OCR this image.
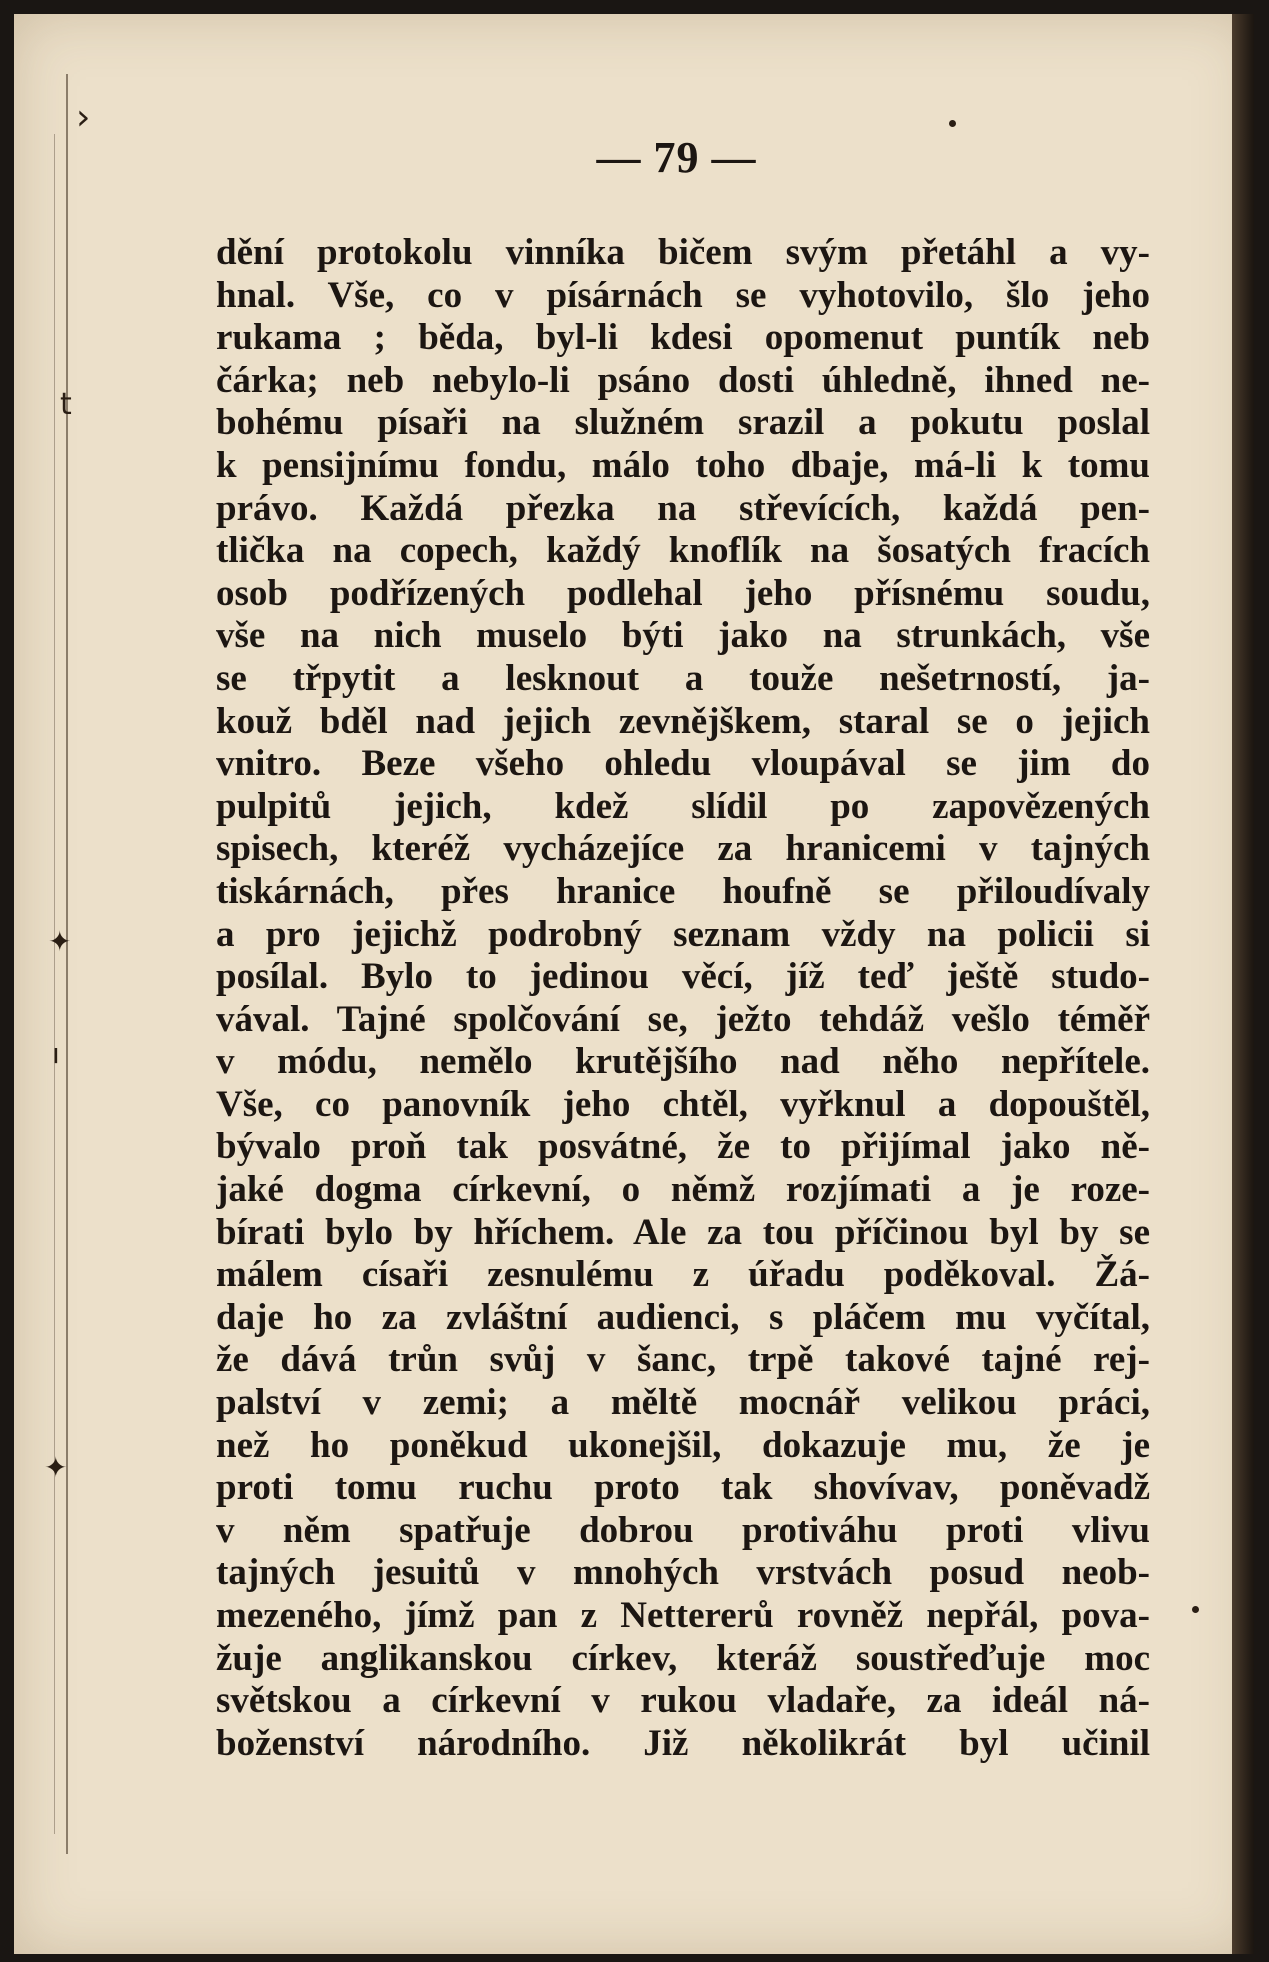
›
t
✦
ı
✦
— 79 —
dění protokolu vinníka bičem svým přetáhl a vy-
hnal. Vše, co v písárnách se vyhotovilo, šlo jeho
rukama ; běda, byl-li kdesi opomenut puntík neb
čárka; neb nebylo-li psáno dosti úhledně, ihned ne-
bohému písaři na služném srazil a pokutu poslal
k pensijnímu fondu, málo toho dbaje, má-li k tomu
právo. Každá přezka na střevících, každá pen-
tlička na copech, každý knoflík na šosatých fracích
osob podřízených podlehal jeho přísnému soudu,
vše na nich muselo býti jako na strunkách, vše
se třpytit a lesknout a touže nešetrností, ja-
kouž bděl nad jejich zevnějškem, staral se o jejich
vnitro. Beze všeho ohledu vloupával se jim do
pulpitů jejich, kdež slídil po zapovězených
spisech, kteréž vycházejíce za hranicemi v tajných
tiskárnách, přes hranice houfně se přiloudívaly
a pro jejichž podrobný seznam vždy na policii si
posílal. Bylo to jedinou věcí, jíž teď ještě studo-
vával. Tajné spolčování se, ježto tehdáž vešlo téměř
v módu, nemělo krutějšího nad něho nepřítele.
Vše, co panovník jeho chtěl, vyřknul a dopouštěl,
bývalo proň tak posvátné, že to přijímal jako ně-
jaké dogma církevní, o němž rozjímati a je roze-
bírati bylo by hříchem. Ale za tou příčinou byl by se
málem císaři zesnulému z úřadu poděkoval. Žá-
daje ho za zvláštní audienci, s pláčem mu vyčítal,
že dává trůn svůj v šanc, trpě takové tajné rej-
palství v zemi; a měltě mocnář velikou práci,
než ho poněkud ukonejšil, dokazuje mu, že je
proti tomu ruchu proto tak shovívav, poněvadž
v něm spatřuje dobrou protiváhu proti vlivu
tajných jesuitů v mnohých vrstvách posud neob-
mezeného, jímž pan z Nettererů rovněž nepřál, pova-
žuje anglikanskou církev, kteráž soustřeďuje moc
světskou a církevní v rukou vladaře, za ideál ná-
boženství národního. Již několikrát byl učinil
